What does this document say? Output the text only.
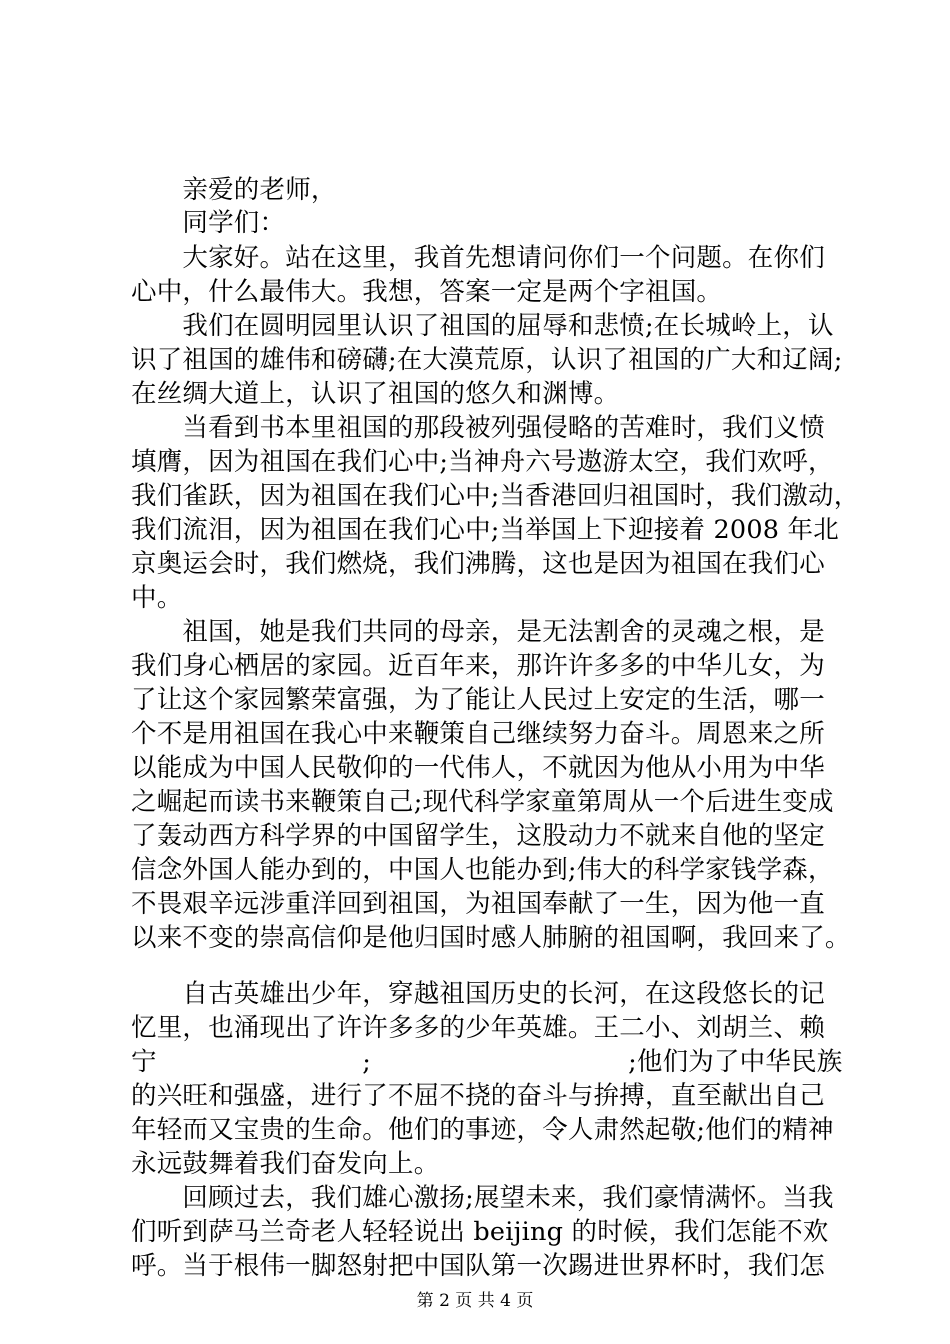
　　亲爱的老师，
　　同学们：
　　大家好。站在这里，我首先想请问你们一个问题。在你们
心中，什么最伟大。我想，答案一定是两个字祖国。
　　我们在圆明园里认识了祖国的屈辱和悲愤;在长城岭上，认
识了祖国的雄伟和磅礴;在大漠荒原，认识了祖国的广大和辽阔;
在丝绸大道上，认识了祖国的悠久和渊博。
　　当看到书本里祖国的那段被列强侵略的苦难时，我们义愤
填膺，因为祖国在我们心中;当神舟六号遨游太空，我们欢呼，
我们雀跃，因为祖国在我们心中;当香港回归祖国时，我们激动，
我们流泪，因为祖国在我们心中;当举国上下迎接着 2008 年北
京奥运会时，我们燃烧，我们沸腾，这也是因为祖国在我们心
中。
　　祖国，她是我们共同的母亲，是无法割舍的灵魂之根，是
我们身心栖居的家园。近百年来，那许许多多的中华儿女，为
了让这个家园繁荣富强，为了能让人民过上安定的生活，哪一
个不是用祖国在我心中来鞭策自己继续努力奋斗。周恩来之所
以能成为中国人民敬仰的一代伟人，不就因为他从小用为中华
之崛起而读书来鞭策自己;现代科学家童第周从一个后进生变成
了轰动西方科学界的中国留学生，这股动力不就来自他的坚定
信念外国人能办到的，中国人也能办到;伟大的科学家钱学森，
不畏艰辛远涉重洋回到祖国，为祖国奉献了一生，因为他一直
以来不变的崇高信仰是他归国时感人肺腑的祖国啊，我回来了。
　　自古英雄出少年，穿越祖国历史的长河，在这段悠长的记
忆里，也涌现出了许许多多的少年英雄。王二小、刘胡兰、赖
宁　　　　　　　　;　　　　　　　　　　;他们为了中华民族
的兴旺和强盛，进行了不屈不挠的奋斗与拚搏，直至献出自己
年轻而又宝贵的生命。他们的事迹，令人肃然起敬;他们的精神
永远鼓舞着我们奋发向上。
　　回顾过去，我们雄心激扬;展望未来，我们豪情满怀。当我
们听到萨马兰奇老人轻轻说出 beijing 的时候，我们怎能不欢
呼。当于根伟一脚怒射把中国队第一次踢进世界杯时，我们怎
第 2 页 共 4 页
